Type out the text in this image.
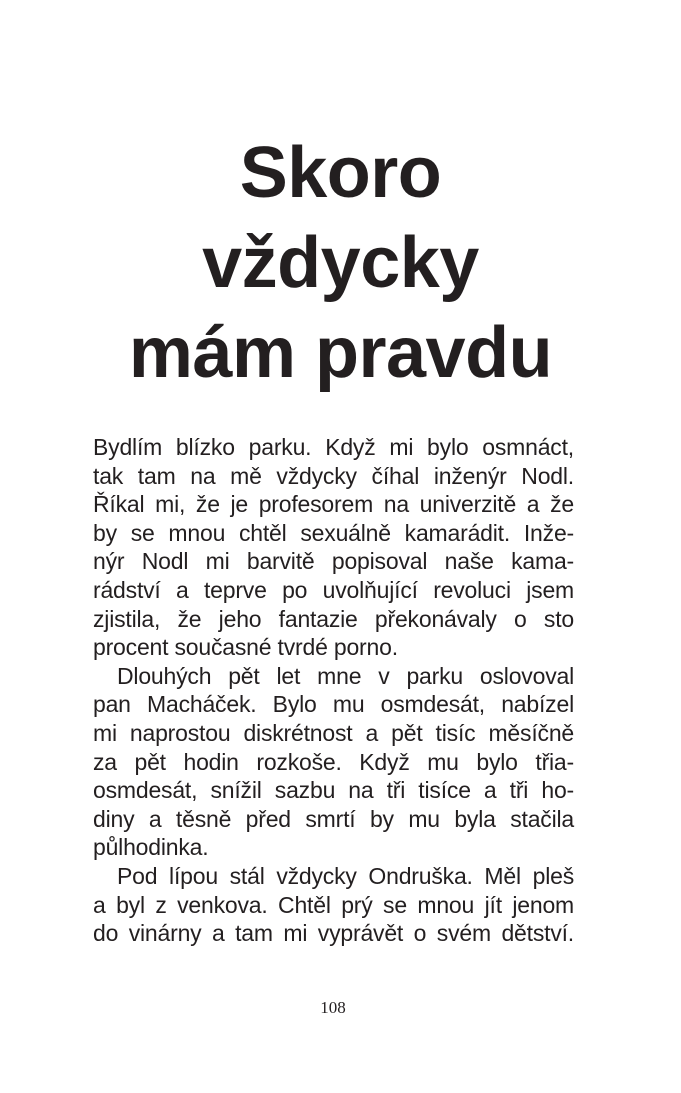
Skoro
vždycky
mám pravdu
Bydlím blízko parku. Když mi bylo osmnáct,
tak tam na mě vždycky číhal inženýr Nodl.
Říkal mi, že je profesorem na univerzitě a že
by se mnou chtěl sexuálně kamarádit. Inže-
nýr Nodl mi barvitě popisoval naše kama-
rádství a teprve po uvolňující revoluci jsem
zjistila, že jeho fantazie překonávaly o sto
procent současné tvrdé porno.
Dlouhých pět let mne v parku oslovoval
pan Macháček. Bylo mu osmdesát, nabízel
mi naprostou diskrétnost a pět tisíc měsíčně
za pět hodin rozkoše. Když mu bylo třia-
osmdesát, snížil sazbu na tři tisíce a tři ho-
diny a těsně před smrtí by mu byla stačila
půlhodinka.
Pod lípou stál vždycky Ondruška. Měl pleš
a byl z venkova. Chtěl prý se mnou jít jenom
do vinárny a tam mi vyprávět o svém dětství.
108
